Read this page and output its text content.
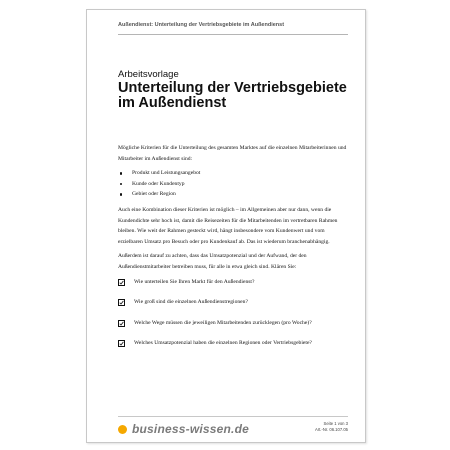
Außendienst: Unterteilung der Vertriebsgebiete im Außendienst
Arbeitsvorlage
Unterteilung der Vertriebsgebiete im Außendienst

Mögliche Kriterien für die Unterteilung des gesamten Marktes auf die einzelnen Mitarbeiterinnen und Mitarbeiter im Außendienst sind:

Produkt und Leistungsangebot
Kunde oder Kundentyp
Gebiet oder Region

Auch eine Kombination dieser Kriterien ist möglich – im Allgemeinen aber nur dann, wenn die Kundendichte sehr hoch ist, damit die Reisezeiten für die Mitarbeitenden im vertretbaren Rahmen bleiben. Wie weit der Rahmen gesteckt wird, hängt insbesondere vom Kundenwert und vom erzielbaren Umsatz pro Besuch oder pro Kundenkauf ab. Das ist wiederum branchenabhängig.

Außerdem ist darauf zu achten, dass das Umsatzpotenzial und der Aufwand, der den Außendienstmitarbeiter betreiben muss, für alle in etwa gleich sind. Klären Sie:

Wie unterteilen Sie Ihren Markt für den Außendienst?
Wie groß sind die einzelnen Außendienstregionen?
Welche Wege müssen die jeweiligen Mitarbeitenden zurücklegen (pro Woche)?
Welches Umsatzpotenzial haben die einzelnen Regionen oder Vertriebsgebiete?
business-wissen.de	Seite 1 von 3
Art.-Nr. 06.107.05
